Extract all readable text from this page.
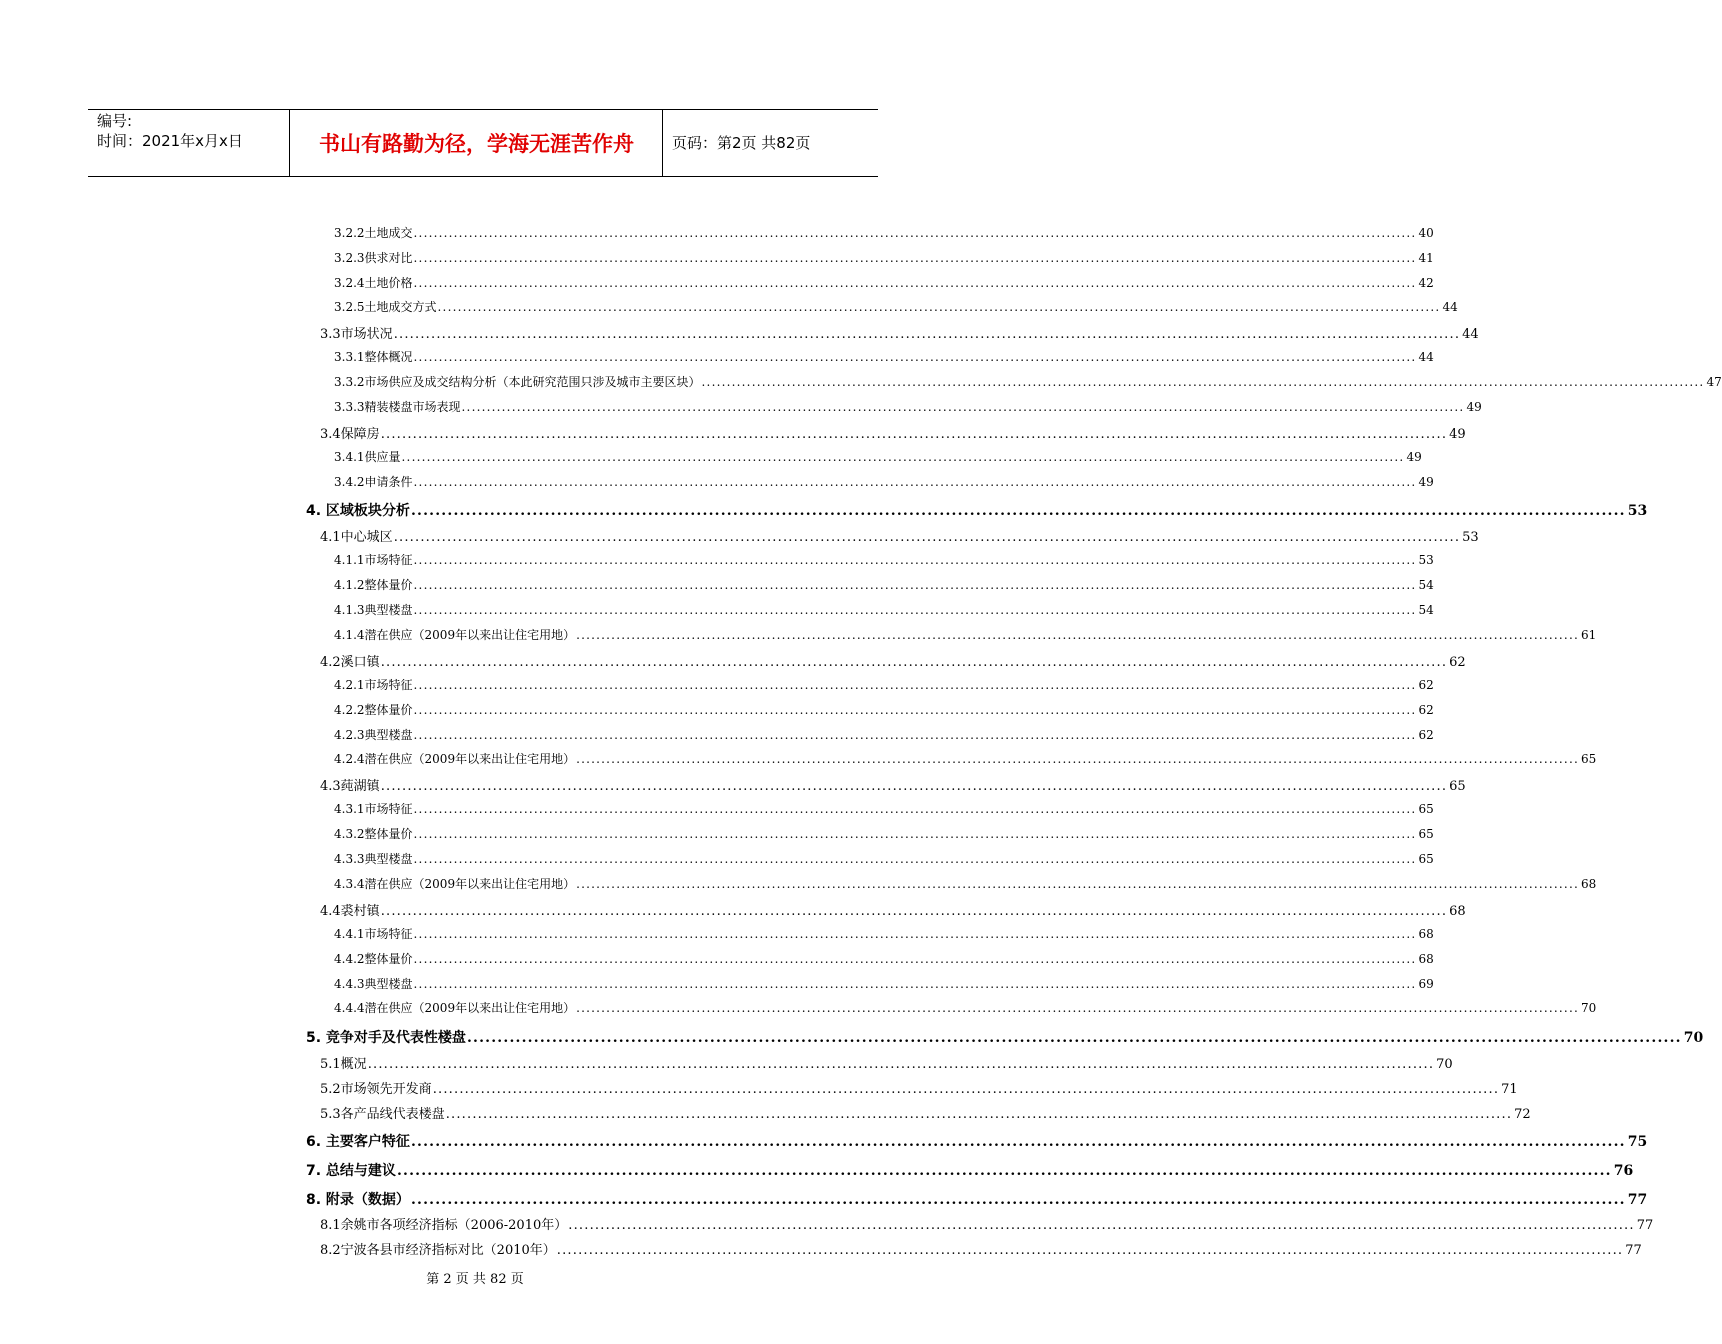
编号:
时间：2021年x月x日	书山有路勤为径，学海无涯苦作舟	页码：第2页 共82页
3.2.2土地成交 ........................................................................................................................................................................................................ 40
3.2.3供求对比 ........................................................................................................................................................................................................ 41
3.2.4土地价格 ........................................................................................................................................................................................................ 42
3.2.5土地成交方式 ........................................................................................................................................................................................................ 44
3.3市场状况 ........................................................................................................................................................................................................ 44
3.3.1整体概况 ........................................................................................................................................................................................................ 44
3.3.2市场供应及成交结构分析（本此研究范围只涉及城市主要区块） ........................................................................................................................................................................................................ 47
3.3.3精装楼盘市场表现 ........................................................................................................................................................................................................ 49
3.4保障房 ........................................................................................................................................................................................................ 49
3.4.1供应量 ........................................................................................................................................................................................................ 49
3.4.2申请条件 ........................................................................................................................................................................................................ 49
4. 区域板块分析 ........................................................................................................................................................................................................ 53
4.1中心城区 ........................................................................................................................................................................................................ 53
4.1.1市场特征 ........................................................................................................................................................................................................ 53
4.1.2整体量价 ........................................................................................................................................................................................................ 54
4.1.3典型楼盘 ........................................................................................................................................................................................................ 54
4.1.4潜在供应（2009年以来出让住宅用地） ........................................................................................................................................................................................................ 61
4.2溪口镇 ........................................................................................................................................................................................................ 62
4.2.1市场特征 ........................................................................................................................................................................................................ 62
4.2.2整体量价 ........................................................................................................................................................................................................ 62
4.2.3典型楼盘 ........................................................................................................................................................................................................ 62
4.2.4潜在供应（2009年以来出让住宅用地） ........................................................................................................................................................................................................ 65
4.3莼湖镇 ........................................................................................................................................................................................................ 65
4.3.1市场特征 ........................................................................................................................................................................................................ 65
4.3.2整体量价 ........................................................................................................................................................................................................ 65
4.3.3典型楼盘 ........................................................................................................................................................................................................ 65
4.3.4潜在供应（2009年以来出让住宅用地） ........................................................................................................................................................................................................ 68
4.4裘村镇 ........................................................................................................................................................................................................ 68
4.4.1市场特征 ........................................................................................................................................................................................................ 68
4.4.2整体量价 ........................................................................................................................................................................................................ 68
4.4.3典型楼盘 ........................................................................................................................................................................................................ 69
4.4.4潜在供应（2009年以来出让住宅用地） ........................................................................................................................................................................................................ 70
5. 竞争对手及代表性楼盘 ........................................................................................................................................................................................................ 70
5.1概况 ........................................................................................................................................................................................................ 70
5.2市场领先开发商 ........................................................................................................................................................................................................ 71
5.3各产品线代表楼盘 ........................................................................................................................................................................................................ 72
6. 主要客户特征 ........................................................................................................................................................................................................ 75
7. 总结与建议 ........................................................................................................................................................................................................ 76
8. 附录（数据） ........................................................................................................................................................................................................ 77
8.1余姚市各项经济指标（2006-2010年） ........................................................................................................................................................................................................ 77
8.2宁波各县市经济指标对比（2010年） ........................................................................................................................................................................................................ 77
第 2 页 共 82 页
